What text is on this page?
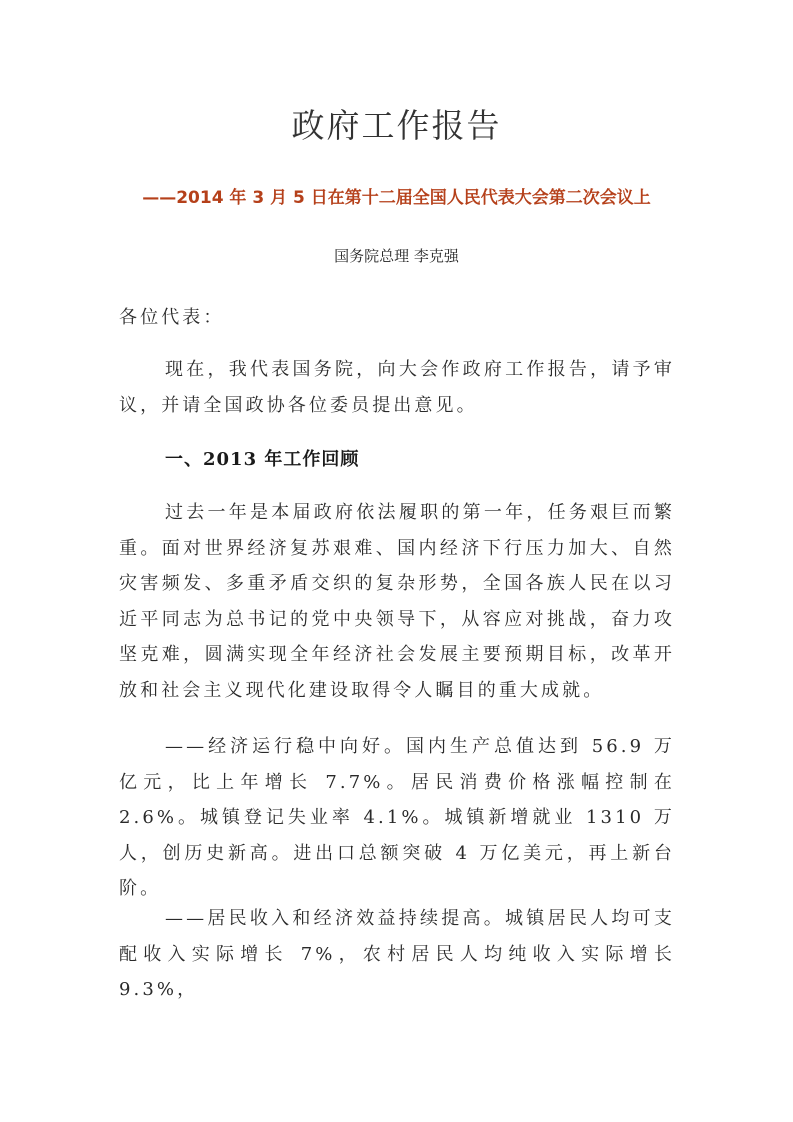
政府工作报告
——2014 年 3 月 5 日在第十二届全国人民代表大会第二次会议上
国务院总理 李克强

各位代表：

现在，我代表国务院，向大会作政府工作报告，请予审议，并请全国政协各位委员提出意见。

一、2013 年工作回顾

过去一年是本届政府依法履职的第一年，任务艰巨而繁重。面对世界经济复苏艰难、国内经济下行压力加大、自然灾害频发、多重矛盾交织的复杂形势，全国各族人民在以习近平同志为总书记的党中央领导下，从容应对挑战，奋力攻坚克难，圆满实现全年经济社会发展主要预期目标，改革开放和社会主义现代化建设取得令人瞩目的重大成就。

——经济运行稳中向好。国内生产总值达到 56.9 万亿元，比上年增长 7.7%。居民消费价格涨幅控制在 2.6%。城镇登记失业率 4.1%。城镇新增就业 1310 万人，创历史新高。进出口总额突破 4 万亿美元，再上新台阶。

——居民收入和经济效益持续提高。城镇居民人均可支配收入实际增长 7%，农村居民人均纯收入实际增长 9.3%，
